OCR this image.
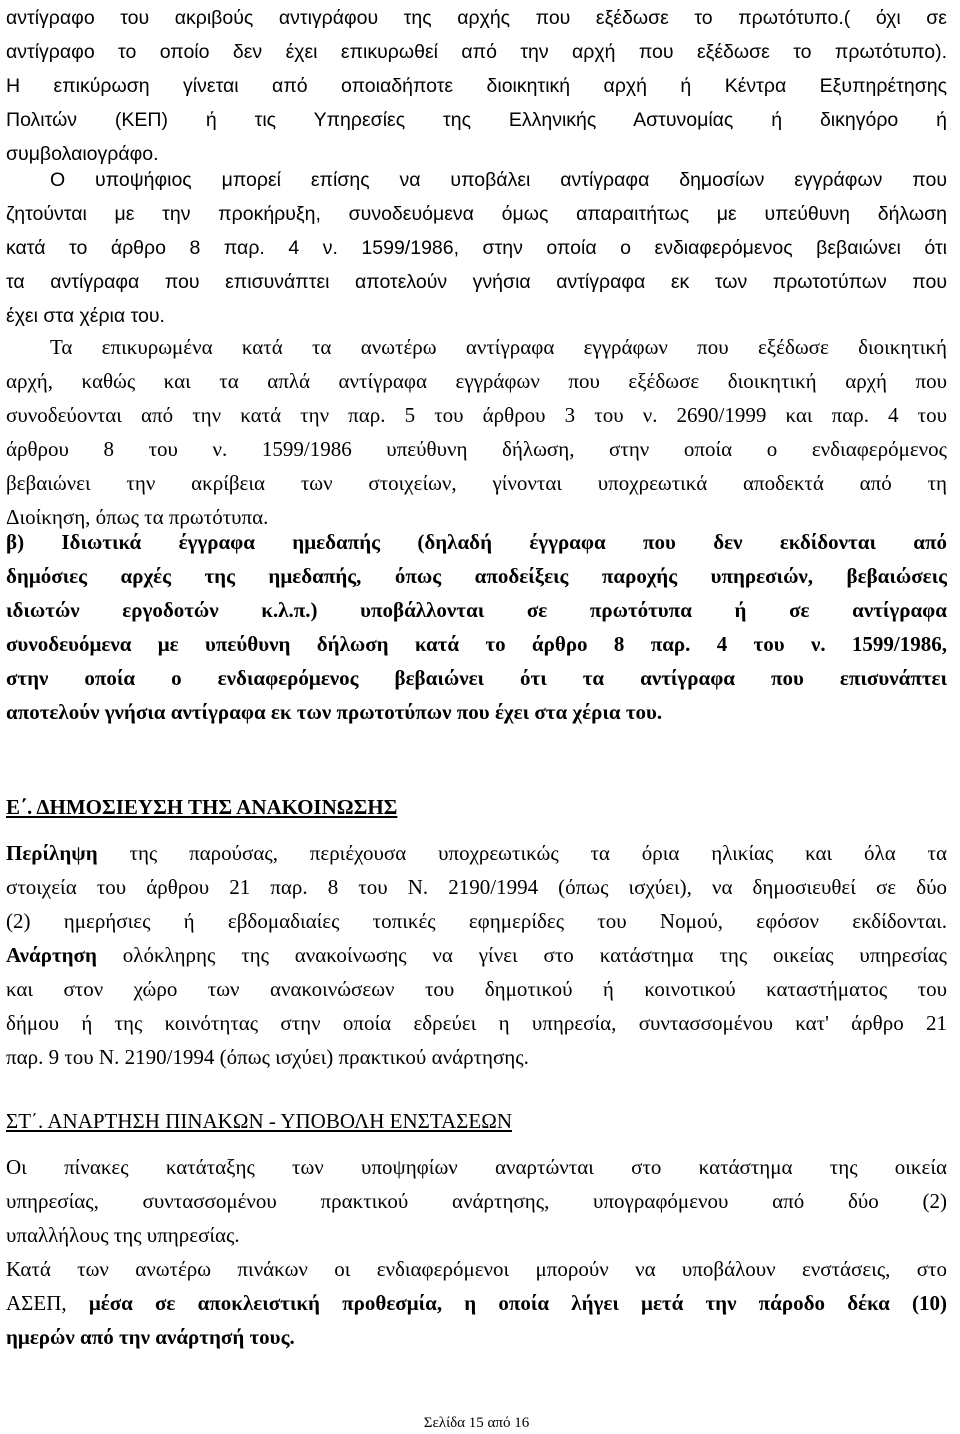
αντίγραφο του ακριβούς αντιγράφου της αρχής που εξέδωσε το πρωτότυπο.( όχι σε
αντίγραφο το οποίο δεν έχει επικυρωθεί από την αρχή που εξέδωσε το πρωτότυπο).
Η επικύρωση γίνεται από οποιαδήποτε διοικητική αρχή ή Κέντρα Εξυπηρέτησης
Πολιτών (ΚΕΠ) ή τις Υπηρεσίες της Ελληνικής Αστυνομίας ή δικηγόρο ή
συμβολαιογράφο.
Ο υποψήφιος μπορεί επίσης να υποβάλει αντίγραφα δημοσίων εγγράφων που
ζητούνται με την προκήρυξη, συνοδευόμενα όμως απαραιτήτως με υπεύθυνη δήλωση
κατά το άρθρο 8 παρ. 4 ν. 1599/1986, στην οποία ο ενδιαφερόμενος βεβαιώνει ότι
τα αντίγραφα που επισυνάπτει αποτελούν γνήσια αντίγραφα εκ των πρωτοτύπων που
έχει στα χέρια του.
Τα επικυρωμένα κατά τα ανωτέρω αντίγραφα εγγράφων που εξέδωσε διοικητική
αρχή, καθώς και τα απλά αντίγραφα εγγράφων που εξέδωσε διοικητική αρχή που
συνοδεύονται από την κατά την παρ. 5 του άρθρου 3 του ν. 2690/1999 και παρ. 4 του
άρθρου 8 του ν. 1599/1986 υπεύθυνη δήλωση, στην οποία ο ενδιαφερόμενος
βεβαιώνει την ακρίβεια των στοιχείων, γίνονται υποχρεωτικά αποδεκτά από τη
Διοίκηση, όπως τα πρωτότυπα.
β) Ιδιωτικά έγγραφα ημεδαπής (δηλαδή έγγραφα που δεν εκδίδονται από
δημόσιες αρχές της ημεδαπής, όπως αποδείξεις παροχής υπηρεσιών, βεβαιώσεις
ιδιωτών εργοδοτών κ.λ.π.) υποβάλλονται σε πρωτότυπα ή σε αντίγραφα
συνοδευόμενα με υπεύθυνη δήλωση κατά το άρθρο 8 παρ. 4 του ν. 1599/1986,
στην οποία ο ενδιαφερόμενος βεβαιώνει ότι τα αντίγραφα που επισυνάπτει
αποτελούν γνήσια αντίγραφα εκ των πρωτοτύπων που έχει στα χέρια του.
Ε΄. ΔΗΜΟΣΙΕΥΣΗ ΤΗΣ ΑΝΑΚΟΙΝΩΣΗΣ
Περίληψη της παρούσας, περιέχουσα υποχρεωτικώς τα όρια ηλικίας και όλα τα
στοιχεία του άρθρου 21 παρ. 8 του Ν. 2190/1994 (όπως ισχύει), να δημοσιευθεί σε δύο
(2) ημερήσιες ή εβδομαδιαίες τοπικές εφημερίδες του Νομού, εφόσον εκδίδονται.
Ανάρτηση ολόκληρης της ανακοίνωσης να γίνει στο κατάστημα της οικείας υπηρεσίας
και στον χώρο των ανακοινώσεων του δημοτικού ή κοινοτικού καταστήματος του
δήμου ή της κοινότητας στην οποία εδρεύει η υπηρεσία, συντασσομένου κατ' άρθρο 21
παρ. 9 του Ν. 2190/1994 (όπως ισχύει) πρακτικού ανάρτησης.
ΣΤ΄. ΑΝΑΡΤΗΣΗ ΠΙΝΑΚΩΝ - ΥΠΟΒΟΛΗ ΕΝΣΤΑΣΕΩΝ
Οι πίνακες κατάταξης των υποψηφίων αναρτώνται στο κατάστημα της οικεία
υπηρεσίας, συντασσομένου πρακτικού ανάρτησης, υπογραφόμενου από δύο (2)
υπαλλήλους της υπηρεσίας.
Κατά των ανωτέρω πινάκων οι ενδιαφερόμενοι μπορούν να υποβάλουν ενστάσεις, στο
ΑΣΕΠ, μέσα σε αποκλειστική προθεσμία, η οποία λήγει μετά την πάροδο δέκα (10)
ημερών από την ανάρτησή τους.
Σελίδα 15 από 16
